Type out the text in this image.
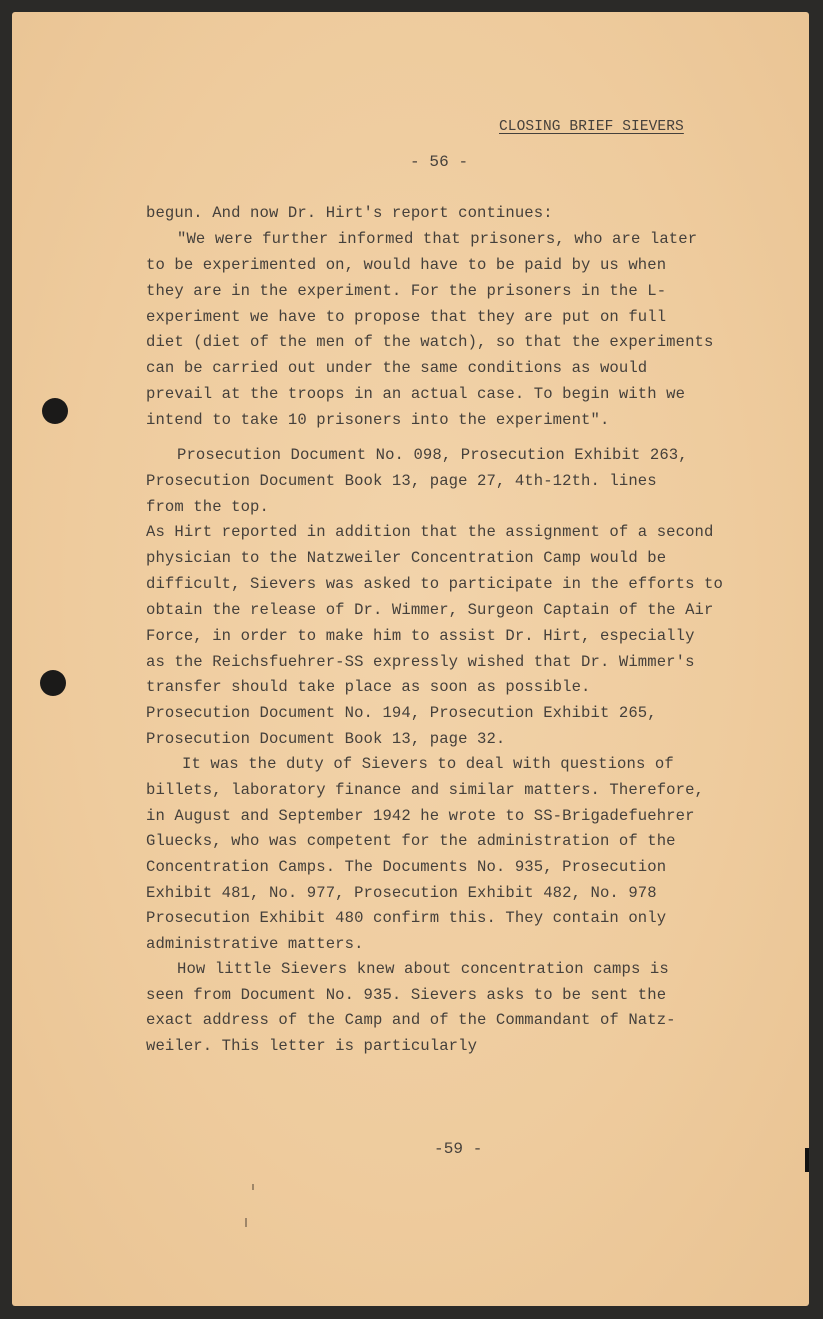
CLOSING BRIEF SIEVERS
- 56 -
begun. And now Dr. Hirt's report continues:
"We were further informed that prisoners, who are later
to be experimented on, would have to be paid by us when
they are in the experiment. For the prisoners in the L-
experiment we have to propose that they are put on full
diet (diet of the men of the watch), so that the experiments
can be carried out under the same conditions as would
prevail at the troops in an actual case. To begin with we
intend to take 10 prisoners into the experiment".
Prosecution Document No. 098, Prosecution Exhibit 263,
Prosecution Document Book 13, page 27, 4th-12th. lines
from the top.
As Hirt reported in addition that the assignment of a second
physician to the Natzweiler Concentration Camp would be
difficult, Sievers was asked to participate in the efforts to
obtain the release of Dr. Wimmer, Surgeon Captain of the Air
Force, in order to make him to assist Dr. Hirt, especially
as the Reichsfuehrer-SS expressly wished that Dr. Wimmer's
transfer should take place as soon as possible.
Prosecution Document No. 194, Prosecution Exhibit 265,
Prosecution Document Book 13, page 32.
It was the duty of Sievers to deal with questions of
billets, laboratory finance and similar matters. Therefore,
in August and September 1942 he wrote to SS-Brigadefuehrer
Gluecks, who was competent for the administration of the
Concentration Camps. The Documents No. 935, Prosecution
Exhibit 481, No. 977, Prosecution Exhibit 482, No. 978
Prosecution Exhibit 480 confirm this. They contain only
administrative matters.
How little Sievers knew about concentration camps is
seen from Document No. 935. Sievers asks to be sent the
exact address of the Camp and of the Commandant of Natz-
weiler. This letter is particularly
-59 -
